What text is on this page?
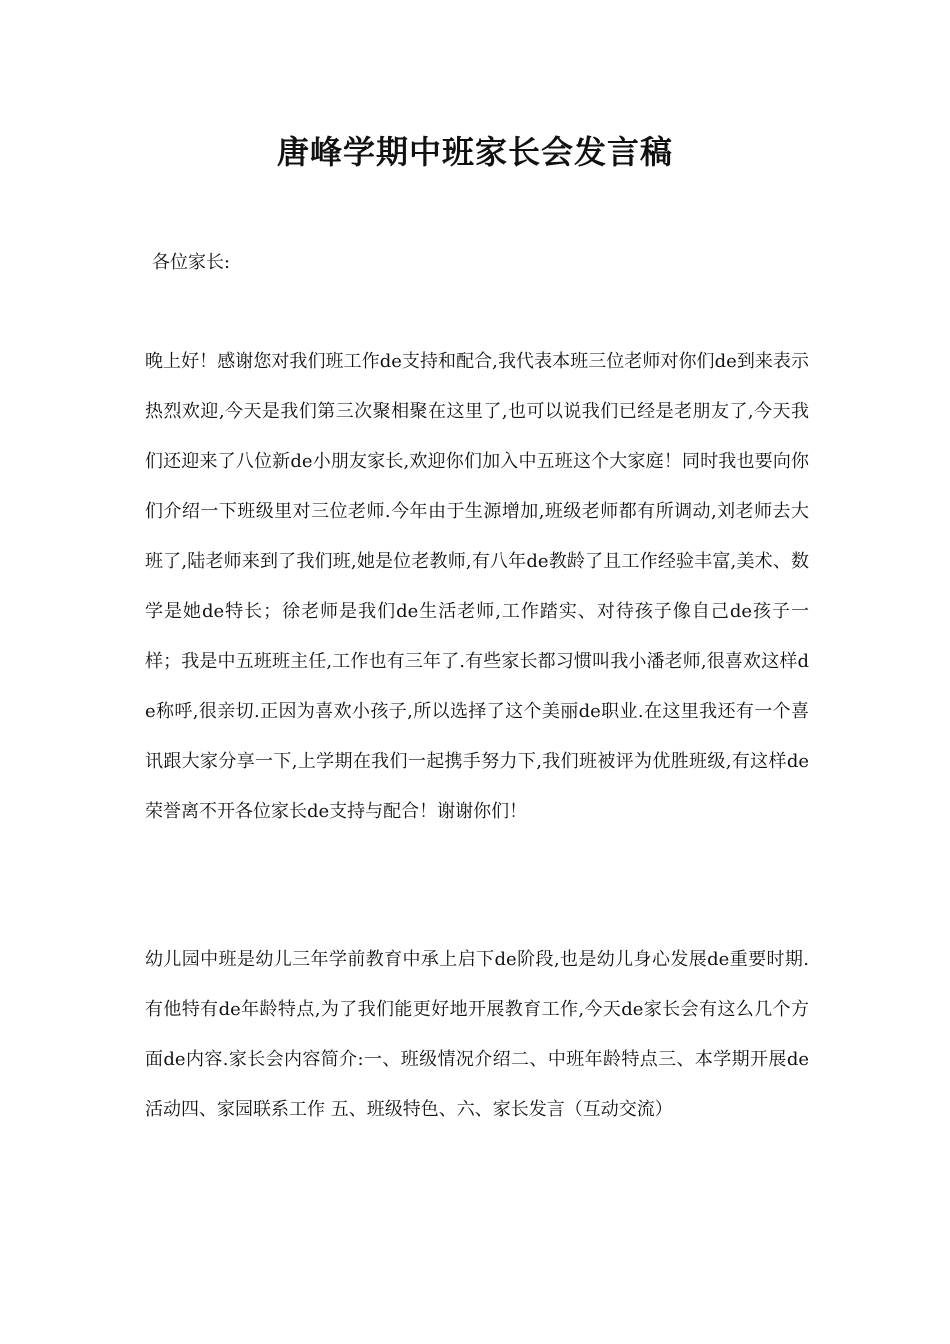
唐峰学期中班家长会发言稿

各位家长:

晚上好！感谢您对我们班工作de支持和配合,我代表本班三位老师对你们de到来表示热烈欢迎,今天是我们第三次聚相聚在这里了,也可以说我们已经是老朋友了,今天我们还迎来了八位新de小朋友家长,欢迎你们加入中五班这个大家庭！同时我也要向你们介绍一下班级里对三位老师.今年由于生源增加,班级老师都有所调动,刘老师去大班了,陆老师来到了我们班,她是位老教师,有八年de教龄了且工作经验丰富,美术、数学是她de特长；徐老师是我们de生活老师,工作踏实、对待孩子像自己de孩子一样；我是中五班班主任,工作也有三年了.有些家长都习惯叫我小潘老师,很喜欢这样de称呼,很亲切.正因为喜欢小孩子,所以选择了这个美丽de职业.在这里我还有一个喜讯跟大家分享一下,上学期在我们一起携手努力下,我们班被评为优胜班级,有这样de荣誉离不开各位家长de支持与配合！谢谢你们！

幼儿园中班是幼儿三年学前教育中承上启下de阶段,也是幼儿身心发展de重要时期.有他特有de年龄特点,为了我们能更好地开展教育工作,今天de家长会有这么几个方面de内容.家长会内容简介:一、班级情况介绍二、中班年龄特点三、本学期开展de活动四、家园联系工作 五、班级特色、六、家长发言（互动交流）
